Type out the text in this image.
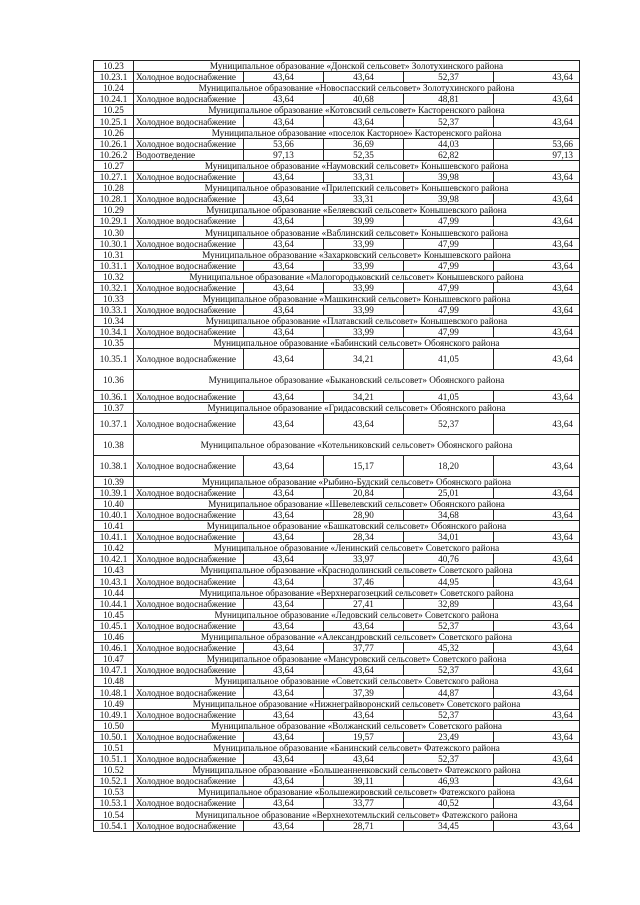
10.23	Муниципальное образование «Донской сельсовет» Золотухинского района				
10.23.1	Холодное водоснабжение	43,64	43,64	52,37	43,64
10.24	Муниципальное образование «Новоспасский сельсовет» Золотухинского района				
10.24.1	Холодное водоснабжение	43,64	40,68	48,81	43,64
10.25	Муниципальное образование «Котовский сельсовет» Касторенского района				
10.25.1	Холодное водоснабжение	43,64	43,64	52,37	43,64
10.26	Муниципальное образование «поселок Касторное» Касторенского района				
10.26.1	Холодное водоснабжение	53,66	36,69	44,03	53,66
10.26.2	Водоотведение	97,13	52,35	62,82	97,13
10.27	Муниципальное образование «Наумовский сельсовет» Конышевского района				
10.27.1	Холодное водоснабжение	43,64	33,31	39,98	43,64
10.28	Муниципальное образование «Прилепский сельсовет» Конышевского района				
10.28.1	Холодное водоснабжение	43,64	33,31	39,98	43,64
10.29	Муниципальное образование «Беляевский сельсовет» Конышевского района				
10.29.1	Холодное водоснабжение	43,64	39,99	47,99	43,64
10.30	Муниципальное образование «Ваблинский сельсовет» Конышевского района				
10.30.1	Холодное водоснабжение	43,64	33,99	47,99	43,64
10.31	Муниципальное образование «Захарковский сельсовет» Конышевского района				
10.31.1	Холодное водоснабжение	43,64	33,99	47,99	43,64
10.32	Муниципальное образование «Малогородьковский сельсовет» Конышевского района				
10.32.1	Холодное водоснабжение	43,64	33,99	47,99	43,64
10.33	Муниципальное образование «Машкинский сельсовет» Конышевского района				
10.33.1	Холодное водоснабжение	43,64	33,99	47,99	43,64
10.34	Муниципальное образование «Платавский сельсовет» Конышевского района				
10.34.1	Холодное водоснабжение	43,64	33,99	47,99	43,64
10.35	Муниципальное образование «Бабинский сельсовет» Обоянского района				
10.35.1	Холодное водоснабжение	43,64	34,21	41,05	43,64
10.36	Муниципальное образование «Быкановский сельсовет» Обоянского района				
10.36.1	Холодное водоснабжение	43,64	34,21	41,05	43,64
10.37	Муниципальное образование «Гридасовский сельсовет» Обоянского района				
10.37.1	Холодное водоснабжение	43,64	43,64	52,37	43,64
10.38	Муниципальное образование «Котельниковский сельсовет» Обоянского района				
10.38.1	Холодное водоснабжение	43,64	15,17	18,20	43,64
10.39	Муниципальное образование «Рыбино-Будский сельсовет» Обоянского района				
10.39.1	Холодное водоснабжение	43,64	20,84	25,01	43,64
10.40	Муниципальное образование «Шевелевский сельсовет» Обоянского района				
10.40.1	Холодное водоснабжение	43,64	28,90	34,68	43,64
10.41	Муниципальное образование «Башкатовский сельсовет» Обоянского района				
10.41.1	Холодное водоснабжение	43,64	28,34	34,01	43,64
10.42	Муниципальное образование «Ленинский сельсовет» Советского района				
10.42.1	Холодное водоснабжение	43,64	33,97	40,76	43,64
10.43	Муниципальное образование «Краснодолинский сельсовет» Советского района				
10.43.1	Холодное водоснабжение	43,64	37,46	44,95	43,64
10.44	Муниципальное образование «Верхнерагозецкий сельсовет» Советского района				
10.44.1	Холодное водоснабжение	43,64	27,41	32,89	43,64
10.45	Муниципальное образование «Ледовский сельсовет» Советского района				
10.45.1	Холодное водоснабжение	43,64	43,64	52,37	43,64
10.46	Муниципальное образование «Александровский сельсовет» Советского района				
10.46.1	Холодное водоснабжение	43,64	37,77	45,32	43,64
10.47	Муниципальное образование «Мансуровский сельсовет» Советского района				
10.47.1	Холодное водоснабжение	43,64	43,64	52,37	43,64
10.48	Муниципальное образование «Советский сельсовет» Советского района				
10.48.1	Холодное водоснабжение	43,64	37,39	44,87	43,64
10.49	Муниципальное образование «Нижнеграйворонский сельсовет» Советского района				
10.49.1	Холодное водоснабжение	43,64	43,64	52,37	43,64
10.50	Муниципальное образование «Волжанский сельсовет» Советского района				
10.50.1	Холодное водоснабжение	43,64	19,57	23,49	43,64
10.51	Муниципальное образование «Банинский сельсовет» Фатежского района				
10.51.1	Холодное водоснабжение	43,64	43,64	52,37	43,64
10.52	Муниципальное образование «Большеанненковский сельсовет» Фатежского района				
10.52.1	Холодное водоснабжение	43,64	39,11	46,93	43,64
10.53	Муниципальное образование «Большежировский сельсовет» Фатежского района				
10.53.1	Холодное водоснабжение	43,64	33,77	40,52	43,64
10.54	Муниципальное образование «Верхнехотемльский сельсовет» Фатежского района				
10.54.1	Холодное водоснабжение	43,64	28,71	34,45	43,64
